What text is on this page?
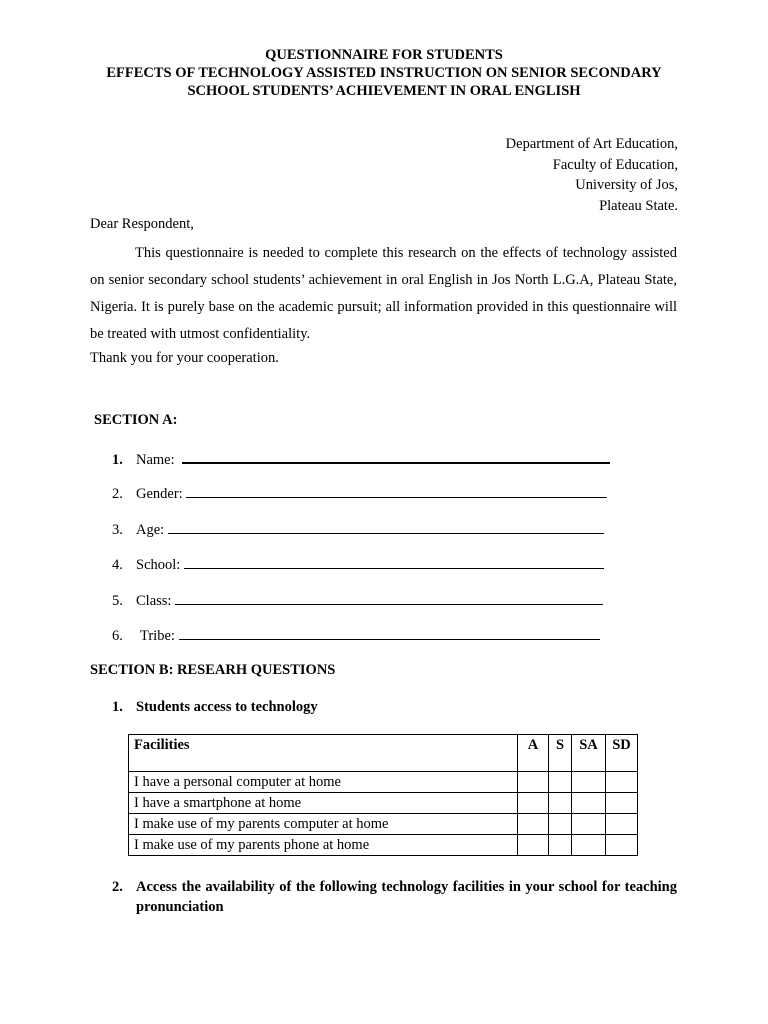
QUESTIONNAIRE FOR STUDENTS
EFFECTS OF TECHNOLOGY ASSISTED INSTRUCTION ON SENIOR SECONDARY
SCHOOL STUDENTS’ ACHIEVEMENT IN ORAL ENGLISH
Department of Art Education,
Faculty of Education,
University of Jos,
Plateau State.
Dear Respondent,
This questionnaire is needed to complete this research on the effects of technology assisted on senior secondary school students’ achievement in oral English in Jos North L.G.A, Plateau State, Nigeria. It is purely base on the academic pursuit; all information provided in this questionnaire will be treated with utmost confidentiality.
Thank you for your cooperation.
SECTION A:
1. Name:
2. Gender:
3. Age:
4. School:
5. Class:
6. Tribe:
SECTION B: RESEARH QUESTIONS
1. Students access to technology
Facilities	A	S	SA	SD
I have a personal computer at home				
I have a smartphone at home				
I make use of my parents computer at home				
I make use of my parents phone at home				
2. Access the availability of the following technology facilities in your school for teaching pronunciation
